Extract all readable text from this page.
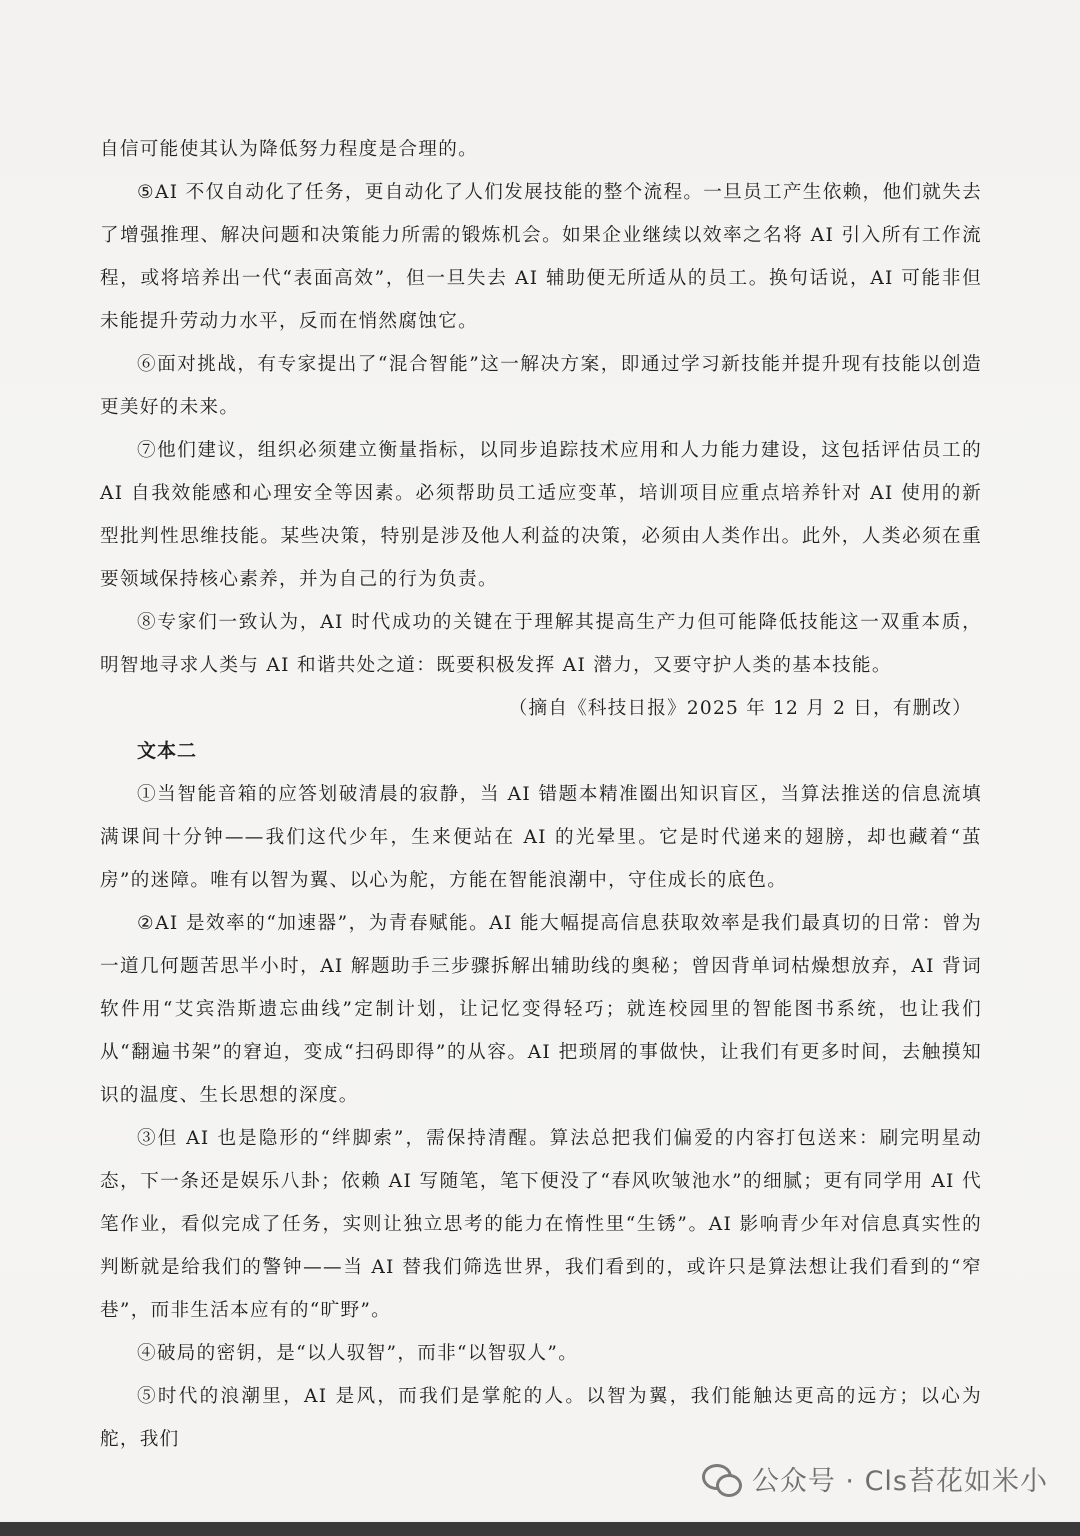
自信可能使其认为降低努力程度是合理的。

⑤AI 不仅自动化了任务，更自动化了人们发展技能的整个流程。一旦员工产生依赖，他们就失去了增强推理、解决问题和决策能力所需的锻炼机会。如果企业继续以效率之名将 AI 引入所有工作流程，或将培养出一代“表面高效”，但一旦失去 AI 辅助便无所适从的员工。换句话说，AI 可能非但未能提升劳动力水平，反而在悄然腐蚀它。

⑥面对挑战，有专家提出了“混合智能”这一解决方案，即通过学习新技能并提升现有技能以创造更美好的未来。

⑦他们建议，组织必须建立衡量指标，以同步追踪技术应用和人力能力建设，这包括评估员工的 AI 自我效能感和心理安全等因素。必须帮助员工适应变革，培训项目应重点培养针对 AI 使用的新型批判性思维技能。某些决策，特别是涉及他人利益的决策，必须由人类作出。此外，人类必须在重要领域保持核心素养，并为自己的行为负责。

⑧专家们一致认为，AI 时代成功的关键在于理解其提高生产力但可能降低技能这一双重本质，明智地寻求人类与 AI 和谐共处之道：既要积极发挥 AI 潜力，又要守护人类的基本技能。

（摘自《科技日报》2025 年 12 月 2 日，有删改）

文本二

①当智能音箱的应答划破清晨的寂静，当 AI 错题本精准圈出知识盲区，当算法推送的信息流填满课间十分钟——我们这代少年，生来便站在 AI 的光晕里。它是时代递来的翅膀，却也藏着“茧房”的迷障。唯有以智为翼、以心为舵，方能在智能浪潮中，守住成长的底色。

②AI 是效率的“加速器”，为青春赋能。AI 能大幅提高信息获取效率是我们最真切的日常：曾为一道几何题苦思半小时，AI 解题助手三步骤拆解出辅助线的奥秘；曾因背单词枯燥想放弃，AI 背词软件用“艾宾浩斯遗忘曲线”定制计划，让记忆变得轻巧；就连校园里的智能图书系统，也让我们从“翻遍书架”的窘迫，变成“扫码即得”的从容。AI 把琐屑的事做快，让我们有更多时间，去触摸知识的温度、生长思想的深度。

③但 AI 也是隐形的“绊脚索”，需保持清醒。算法总把我们偏爱的内容打包送来：刷完明星动态，下一条还是娱乐八卦；依赖 AI 写随笔，笔下便没了“春风吹皱池水”的细腻；更有同学用 AI 代笔作业，看似完成了任务，实则让独立思考的能力在惰性里“生锈”。AI 影响青少年对信息真实性的判断就是给我们的警钟——当 AI 替我们筛选世界，我们看到的，或许只是算法想让我们看到的“窄巷”，而非生活本应有的“旷野”。

④破局的密钥，是“以人驭智”，而非“以智驭人”。

⑤时代的浪潮里，AI 是风，而我们是掌舵的人。以智为翼，我们能触达更高的远方；以心为舵，我们

公众号 · Cls苔花如米小
